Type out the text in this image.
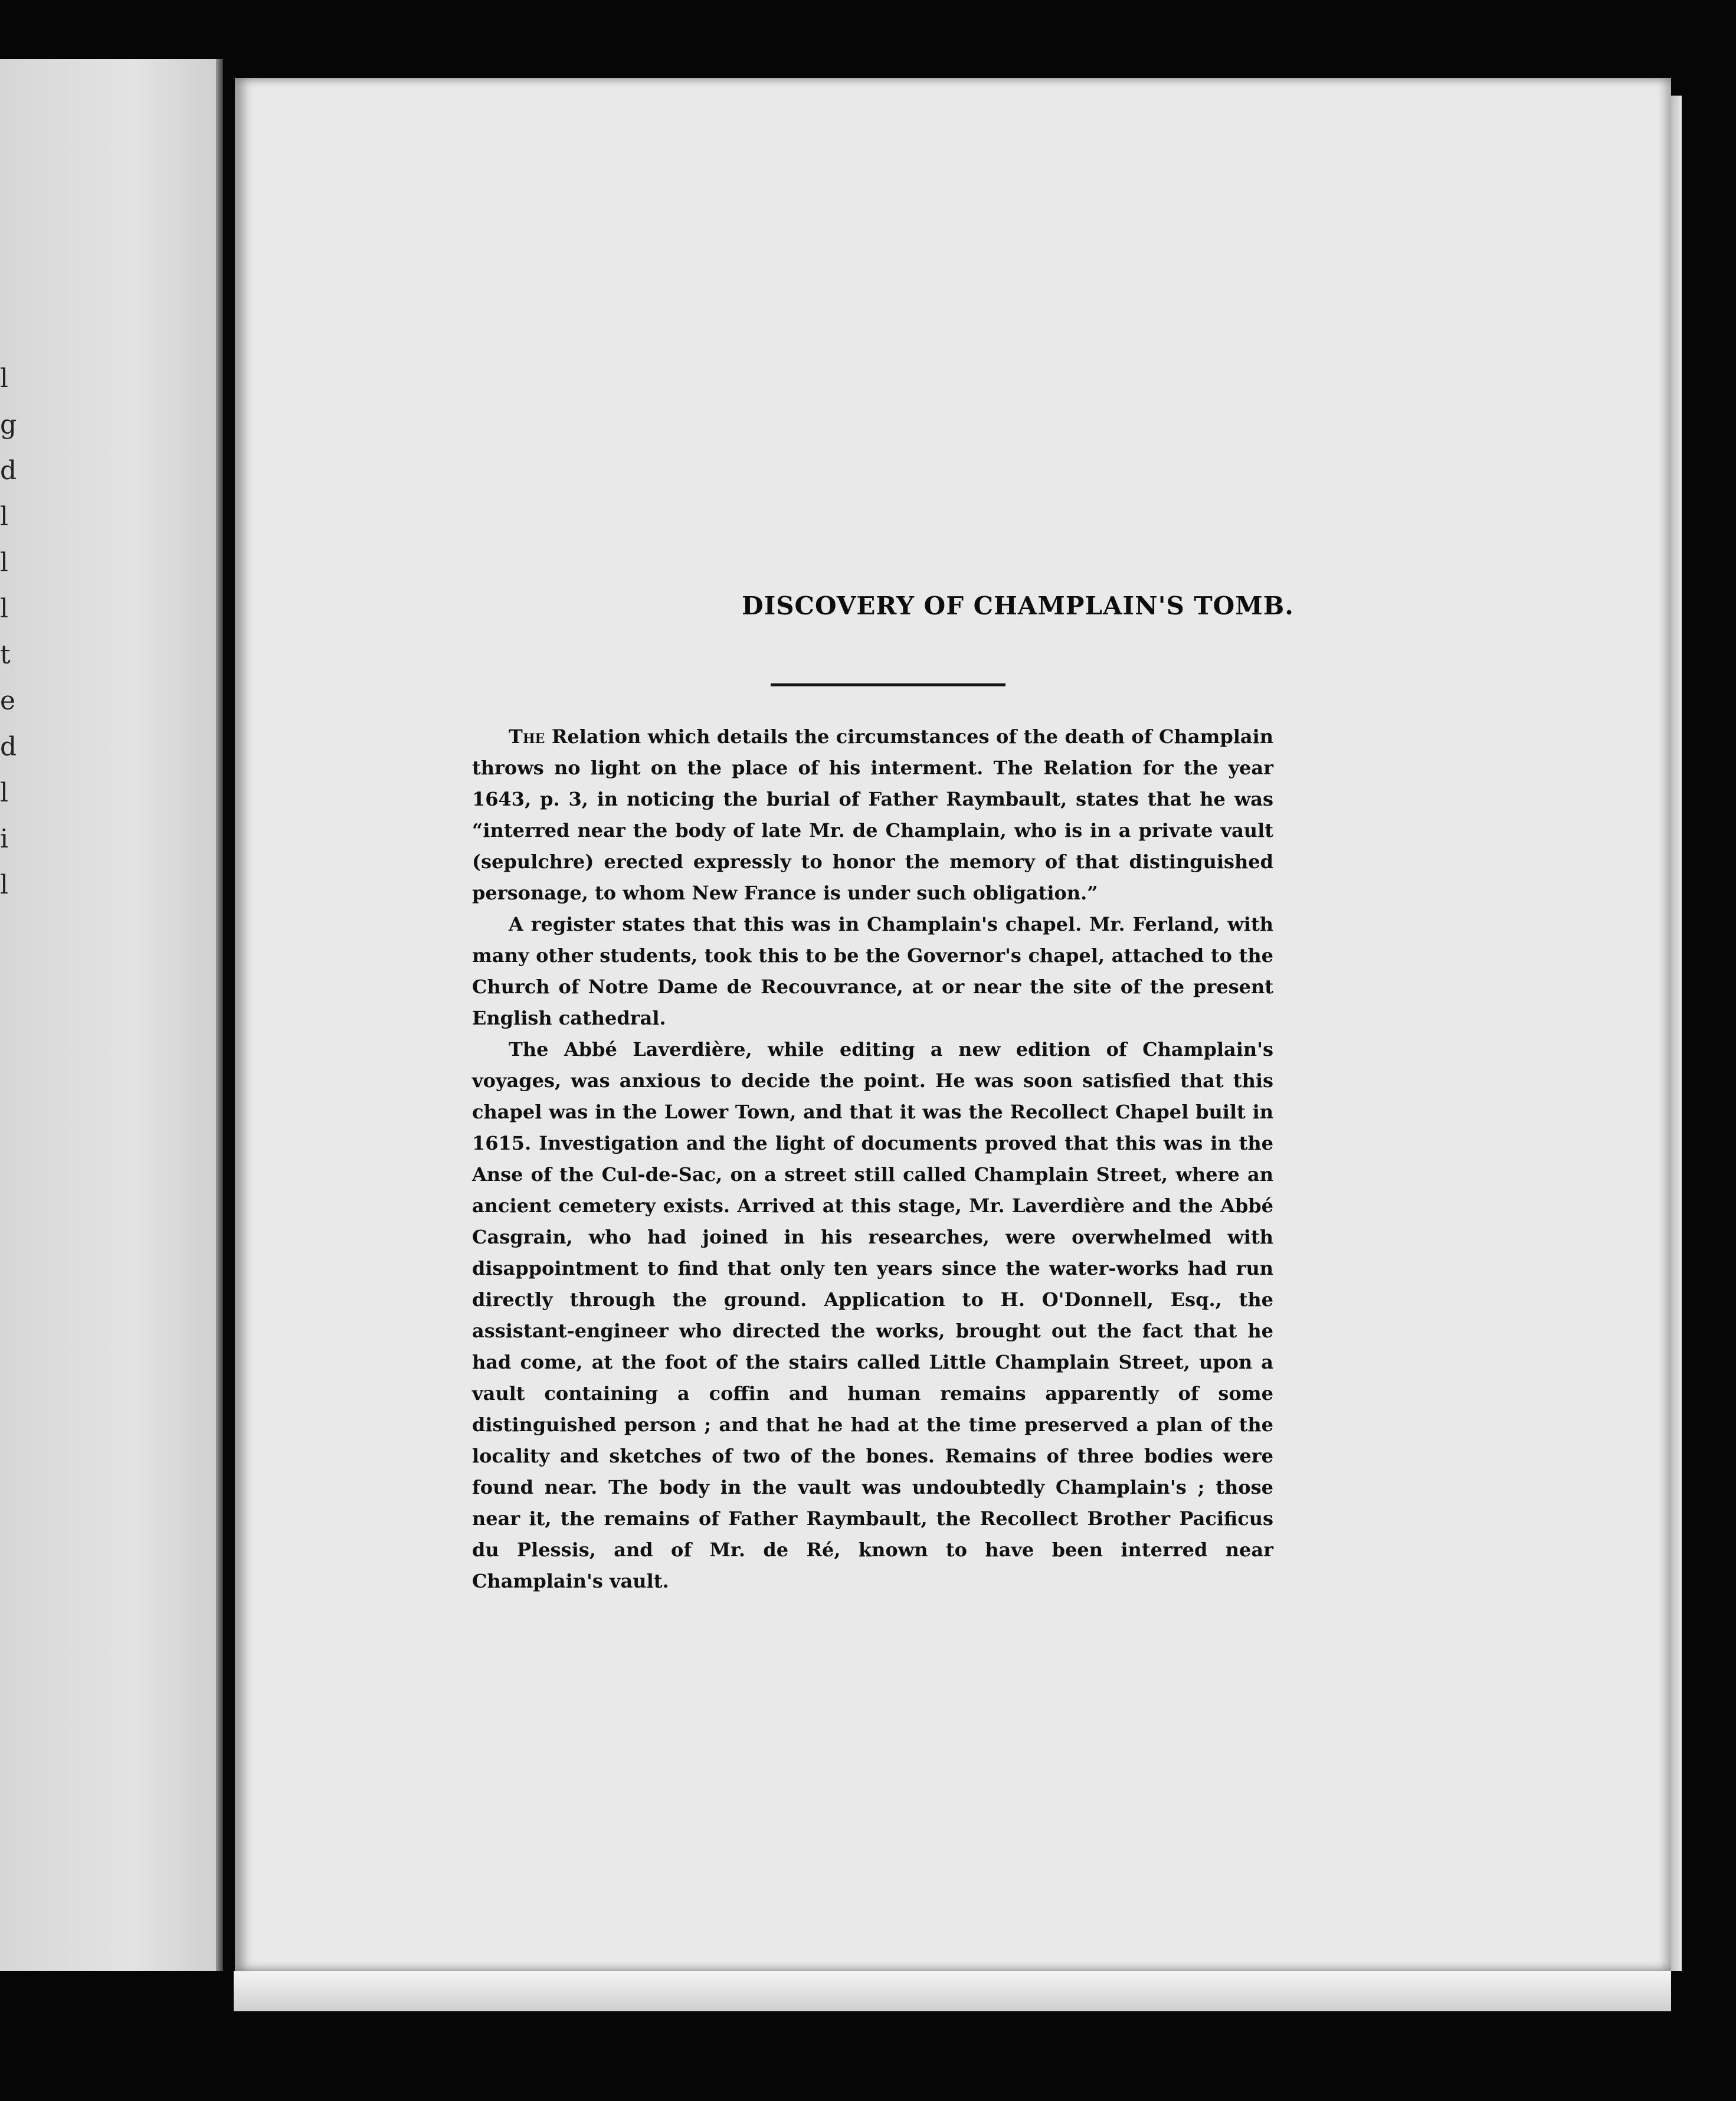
l
g
d
l
l
l
t
e
d
l
i
l
DISCOVERY OF CHAMPLAIN'S TOMB.

The Relation which details the circumstances of the death of Champlain throws no light on the place of his interment. The Relation for the year 1643, p. 3, in noticing the burial of Father Raymbault, states that he was “interred near the body of late Mr. de Champlain, who is in a private vault (sepulchre) erected expressly to honor the memory of that distinguished personage, to whom New France is under such obligation.”

A register states that this was in Champlain's chapel. Mr. Ferland, with many other students, took this to be the Governor's chapel, attached to the Church of Notre Dame de Recouvrance, at or near the site of the present English cathedral.

The Abbé Laverdière, while editing a new edition of Champlain's voyages, was anxious to decide the point. He was soon satisfied that this chapel was in the Lower Town, and that it was the Recollect Chapel built in 1615. Investigation and the light of documents proved that this was in the Anse of the Cul-de-Sac, on a street still called Champlain Street, where an ancient cemetery exists. Arrived at this stage, Mr. Laverdière and the Abbé Casgrain, who had joined in his researches, were overwhelmed with disappointment to find that only ten years since the water-works had run directly through the ground. Application to H. O'Donnell, Esq., the assistant-engineer who directed the works, brought out the fact that he had come, at the foot of the stairs called Little Champlain Street, upon a vault containing a coffin and human remains apparently of some distinguished person ; and that he had at the time preserved a plan of the locality and sketches of two of the bones. Remains of three bodies were found near. The body in the vault was undoubtedly Champlain's ; those near it, the remains of Father Raymbault, the Recollect Brother Pacificus du Plessis, and of Mr. de Ré, known to have been interred near Champlain's vault.
